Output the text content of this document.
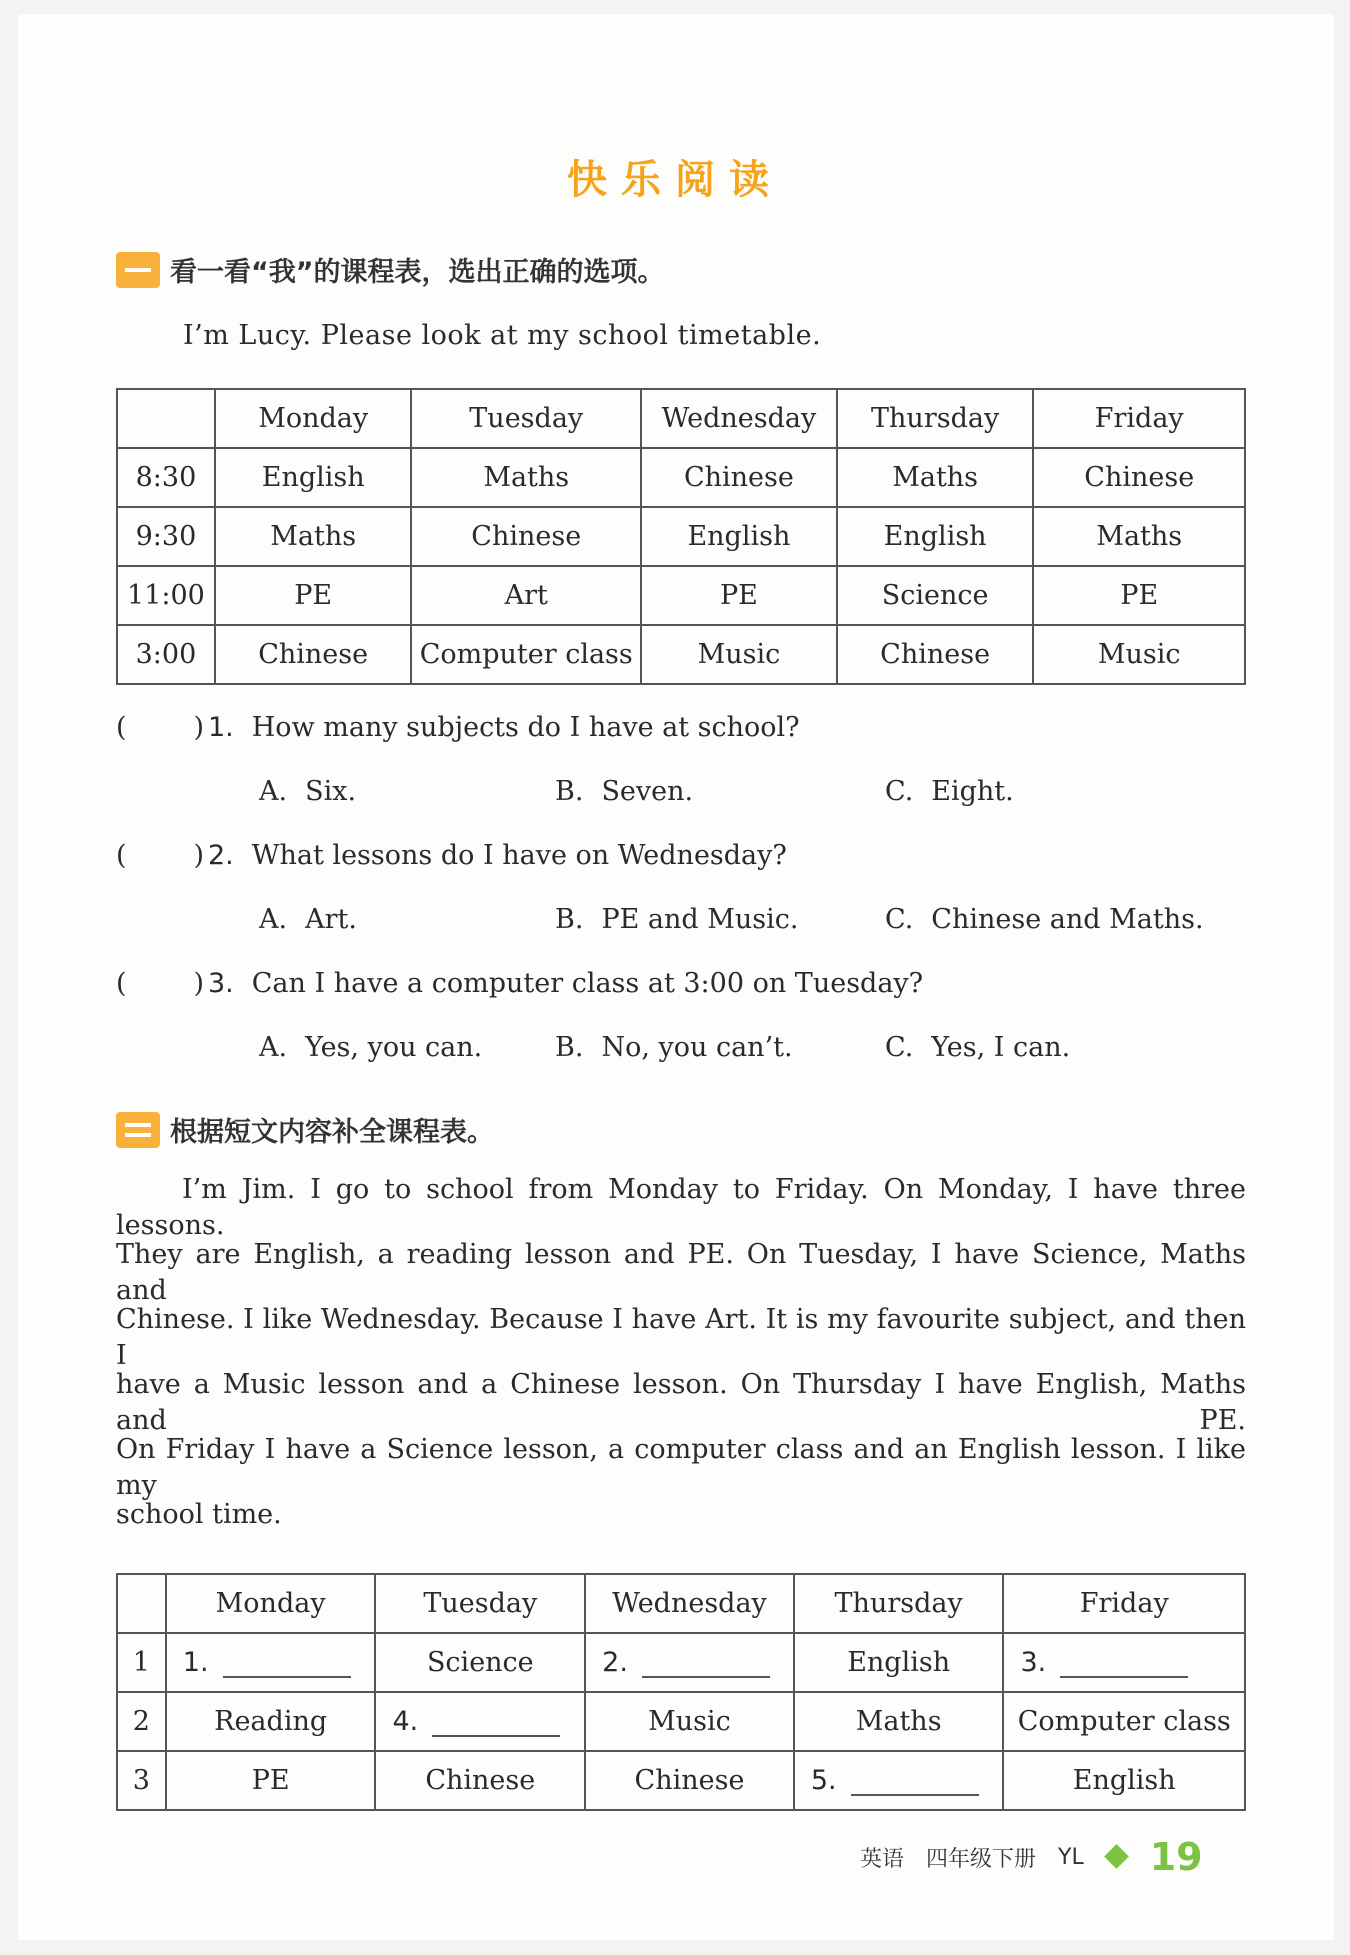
快乐阅读
看一看“我”的课程表，选出正确的选项。
I’m Lucy. Please look at my school timetable.
	Monday	Tuesday	Wednesday	Thursday	Friday
8:30	English	Maths	Chinese	Maths	Chinese
9:30	Maths	Chinese	English	English	Maths
11:00	PE	Art	PE	Science	PE
3:00	Chinese	Computer class	Music	Chinese	Music
( ) 1. How many subjects do I have at school?
A. Six.	B. Seven.	C. Eight.
( ) 2. What lessons do I have on Wednesday?
A. Art.	B. PE and Music.	C. Chinese and Maths.
( ) 3. Can I have a computer class at 3:00 on Tuesday?
A. Yes, you can.	B. No, you can’t.	C. Yes, I can.
根据短文内容补全课程表。
I’m Jim. I go to school from Monday to Friday. On Monday, I have three lessons.
They are English, a reading lesson and PE. On Tuesday, I have Science, Maths and
Chinese. I like Wednesday. Because I have Art. It is my favourite subject, and then I
have a Music lesson and a Chinese lesson. On Thursday I have English, Maths and PE.
On Friday I have a Science lesson, a computer class and an English lesson. I like my
school time.
	Monday	Tuesday	Wednesday	Thursday	Friday
1	1.	Science	2.	English	3.
2	Reading	4.	Music	Maths	Computer class
3	PE	Chinese	Chinese	5.	English
英语 四年级下册 YL 19
